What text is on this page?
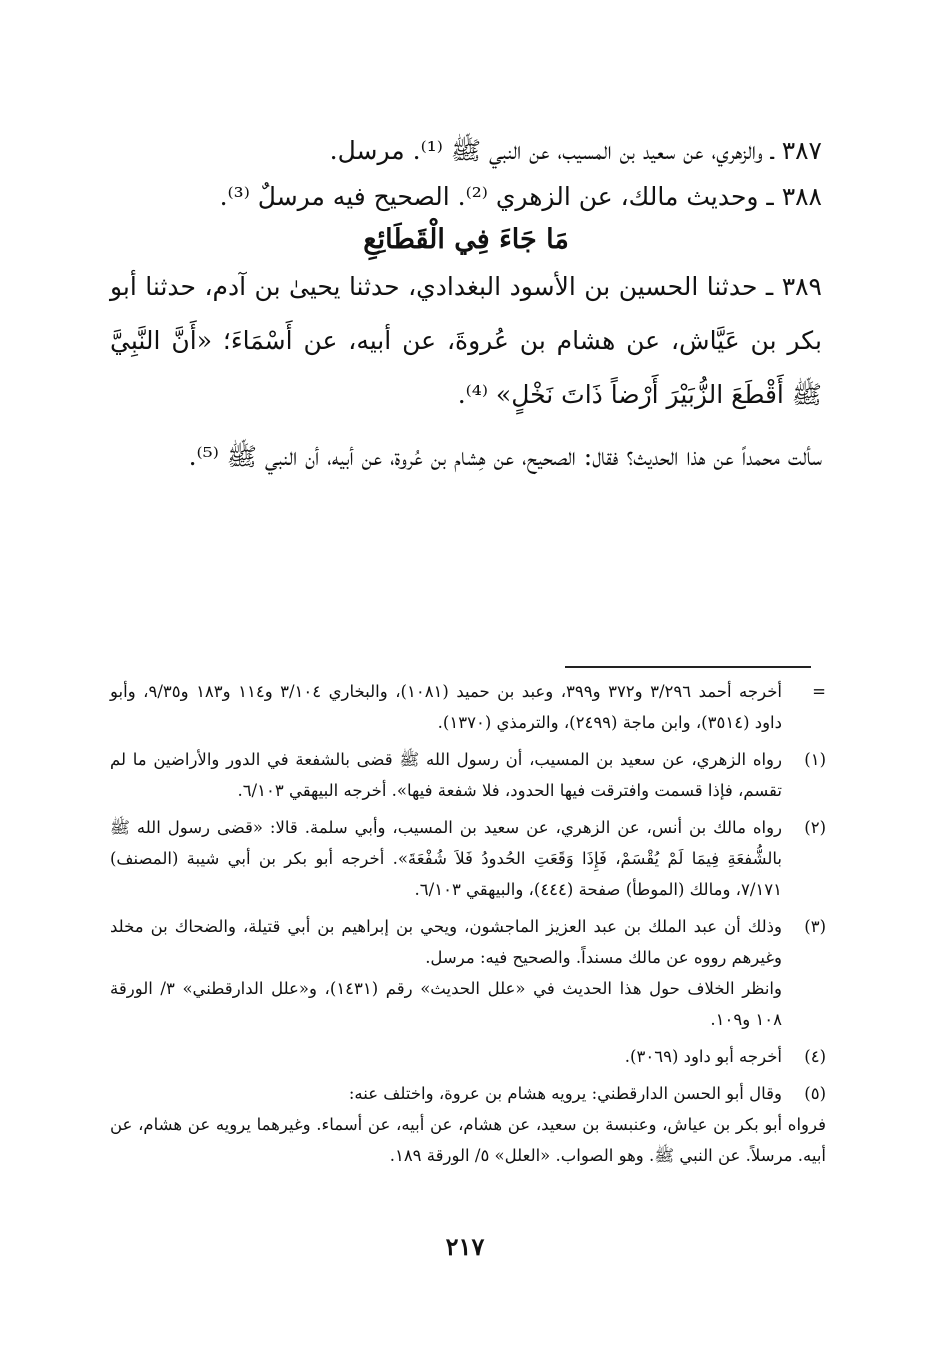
٣٨٧ ـ والزهري، عن سعيد بن المسيب، عن النبي ﷺ ⁽¹⁾. مرسل.

٣٨٨ ـ وحديث مالك، عن الزهري ⁽²⁾. الصحيح فيه مرسلٌ ⁽³⁾.

مَا جَاءَ فِي الْقَطَائِعِ

٣٨٩ ـ حدثنا الحسين بن الأسود البغدادي، حدثنا يحيىٰ بن آدم، حدثنا أبو بكر بن عَيَّاش، عن هشام بن عُروةَ، عن أبيه، عن أَسْمَاءَ؛ «أَنَّ النَّبِيَّ ﷺ أَقْطَعَ الزُّبَيْرَ أَرْضاً ذَاتَ نَخْلٍ» ⁽⁴⁾.

سألت محمداً عن هذا الحديث؟ فقال: الصحيح، عن هِشام بن عُروة، عن أبيه، أن النبي ﷺ ⁽⁵⁾.

=
أخرجه أحمد ٣/٢٩٦ و٣٧٢ و٣٩٩، وعبد بن حميد (١٠٨١)، والبخاري ٣/١٠٤ و١١٤ و١٨٣ و٩/٣٥، وأبو داود (٣٥١٤)، وابن ماجة (٢٤٩٩)، والترمذي (١٣٧٠).
(١)
رواه الزهري، عن سعيد بن المسيب، أن رسول الله ﷺ قضى بالشفعة في الدور والأراضين ما لم تقسم، فإذا قسمت وافترقت فيها الحدود، فلا شفعة فيها». أخرجه البيهقي ٦/١٠٣.
(٢)
رواه مالك بن أنس، عن الزهري، عن سعيد بن المسيب، وأبي سلمة. قالا: «قضى رسول الله ﷺ بالشُّفعَةِ فِيمَا لَمْ يُقْسَمْ، فَإِذَا وَقَعَتِ الحُدودُ فَلاَ شُفْعَةَ». أخرجه أبو بكر بن أبي شيبة (المصنف) ٧/١٧١، ومالك (الموطأ) صفحة (٤٤٤)، والبيهقي ٦/١٠٣.
(٣)
وذلك أن عبد الملك بن عبد العزيز الماجشون، ويحي بن إبراهيم بن أبي قتيلة، والضحاك بن مخلد وغيرهم رووه عن مالك مسنداً. والصحيح فيه: مرسل.
وانظر الخلاف حول هذا الحديث في «علل الحديث» رقم (١٤٣١)، و«علل الدارقطني» ٣/ الورقة ١٠٨ و١٠٩.
(٤)
أخرجه أبو داود (٣٠٦٩).
(٥)
وقال أبو الحسن الدارقطني: يرويه هشام بن عروة، واختلف عنه:

فرواه أبو بكر بن عياش، وعنبسة بن سعيد، عن هشام، عن أبيه، عن أسماء. وغيرهما يرويه عن هشام، عن أبيه. مرسلاً. عن النبي ﷺ. وهو الصواب. «العلل» ٥/ الورقة ١٨٩.

٢١٧
